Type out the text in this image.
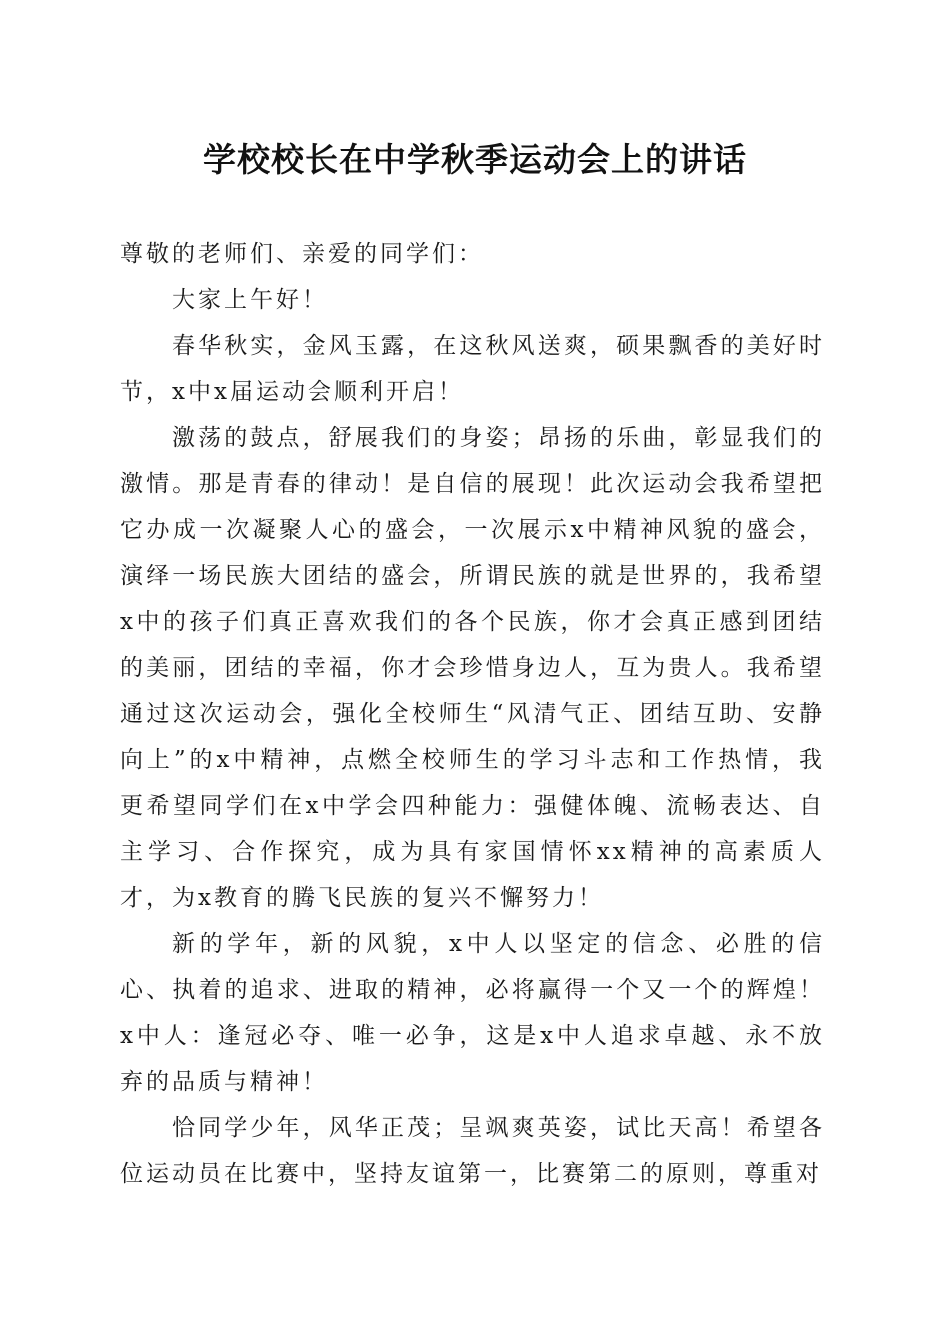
学校校长在中学秋季运动会上的讲话

尊敬的老师们、亲爱的同学们：

大家上午好！

春华秋实，金风玉露，在这秋风送爽，硕果飘香的美好时节，x中x届运动会顺利开启！

激荡的鼓点，舒展我们的身姿；昂扬的乐曲，彰显我们的激情。那是青春的律动！是自信的展现！此次运动会我希望把它办成一次凝聚人心的盛会，一次展示x中精神风貌的盛会，演绎一场民族大团结的盛会，所谓民族的就是世界的，我希望x中的孩子们真正喜欢我们的各个民族，你才会真正感到团结的美丽，团结的幸福，你才会珍惜身边人，互为贵人。我希望通过这次运动会，强化全校师生“风清气正、团结互助、安静向上”的x中精神，点燃全校师生的学习斗志和工作热情，我更希望同学们在x中学会四种能力：强健体魄、流畅表达、自主学习、合作探究，成为具有家国情怀xx精神的高素质人才，为x教育的腾飞民族的复兴不懈努力！

新的学年，新的风貌，x中人以坚定的信念、必胜的信心、执着的追求、进取的精神，必将赢得一个又一个的辉煌！x中人：逢冠必夺、唯一必争，这是x中人追求卓越、永不放弃的品质与精神！

恰同学少年，风华正茂；呈飒爽英姿，试比天高！希望各位运动员在比赛中，坚持友谊第一，比赛第二的原则，尊重对
